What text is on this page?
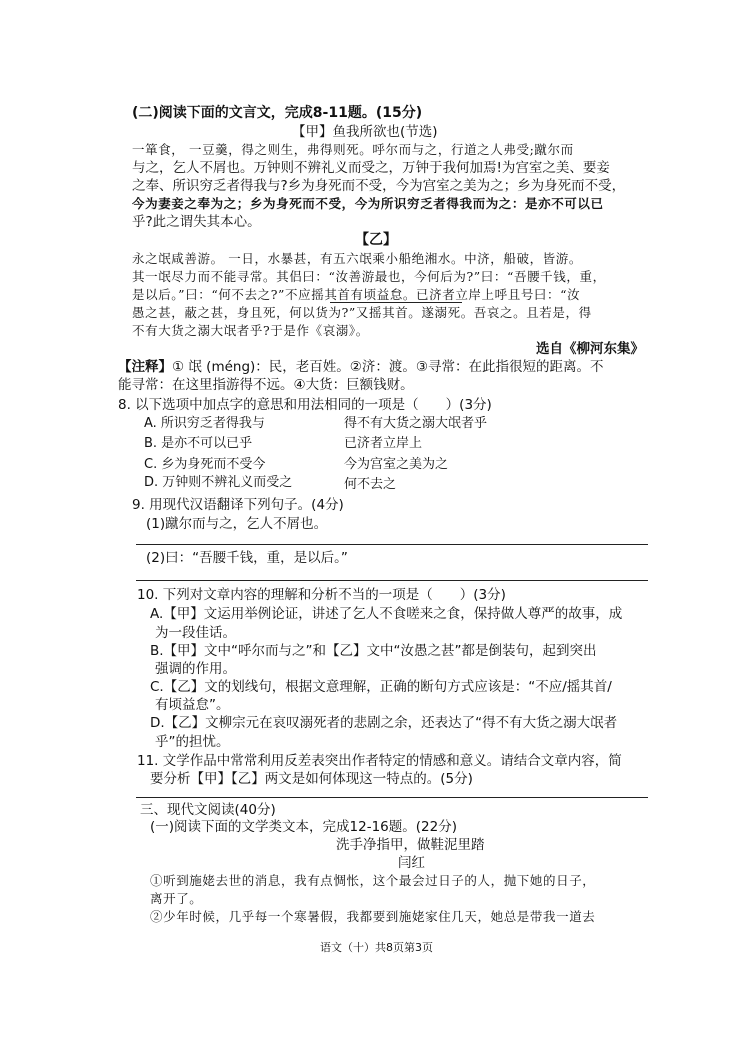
(二)阅读下面的文言文，完成8-11题。(15分)
【甲】鱼我所欲也(节选)
一箪食， 一豆羹，得之则生，弗得则死。呼尔而与之，行道之人弗受;蹴尔而
与之，乞人不屑也。万钟则不辨礼义而受之，万钟于我何加焉!为宫室之美、要妾
之奉、所识穷乏者得我与?乡为身死而不受，今为宫室之美为之；乡为身死而不受，
今为妻妾之奉为之；乡为身死而不受，今为所识穷乏者得我而为之：是亦不可以已
乎?此之谓失其本心。
【乙】
永之氓咸善游。 一日，水暴甚，有五六氓乘小船绝湘水。中济，船破，皆游。
其一氓尽力而不能寻常。其侣曰：“汝善游最也，今何后为?”曰：“吾腰千钱，重，
是以后。”曰：“何不去之?”不应摇其首有顷益怠。已济者立岸上呼且号曰：“汝
愚之甚，蔽之甚，身且死，何以货为?”又摇其首。遂溺死。吾哀之。且若是，得
不有大货之溺大氓者乎?于是作《哀溺》。
选自《柳河东集》
【注释】① 氓 (méng)：民，老百姓。②济：渡。③寻常：在此指很短的距离。不
能寻常：在这里指游得不远。④大货：巨额钱财。
8. 以下选项中加点字的意思和用法相同的一项是（　　）(3分)
A. 所识穷乏者得我与	得不有大货之溺大氓者乎
B. 是亦不可以已乎	已济者立岸上
C. 乡为身死而不受今	今为宫室之美为之
D. 万钟则不辨礼义而受之	何不去之
9. 用现代汉语翻译下列句子。(4分)
(1)蹴尔而与之，乞人不屑也。
(2)曰：“吾腰千钱，重，是以后。”
10. 下列对文章内容的理解和分析不当的一项是（　　）(3分)
A.【甲】文运用举例论证，讲述了乞人不食嗟来之食，保持做人尊严的故事，成
为一段佳话。
B.【甲】文中“呼尔而与之”和【乙】文中“汝愚之甚”都是倒装句，起到突出
强调的作用。
C.【乙】文的划线句，根据文意理解，正确的断句方式应该是：“不应/摇其首/
有顷益怠”。
D.【乙】文柳宗元在哀叹溺死者的悲剧之余，还表达了“得不有大货之溺大氓者
乎”的担忧。
11. 文学作品中常常利用反差表突出作者特定的情感和意义。请结合文章内容，简
要分析【甲】【乙】两文是如何体现这一特点的。(5分)
三、现代文阅读(40分)
(一)阅读下面的文学类文本，完成12-16题。(22分)
洗手净指甲，做鞋泥里踏
闫红
①听到施姥去世的消息，我有点惆怅，这个最会过日子的人，抛下她的日子，
离开了。
②少年时候，几乎每一个寒暑假，我都要到施姥家住几天，她总是带我一道去
语文（十）共8页第3页
